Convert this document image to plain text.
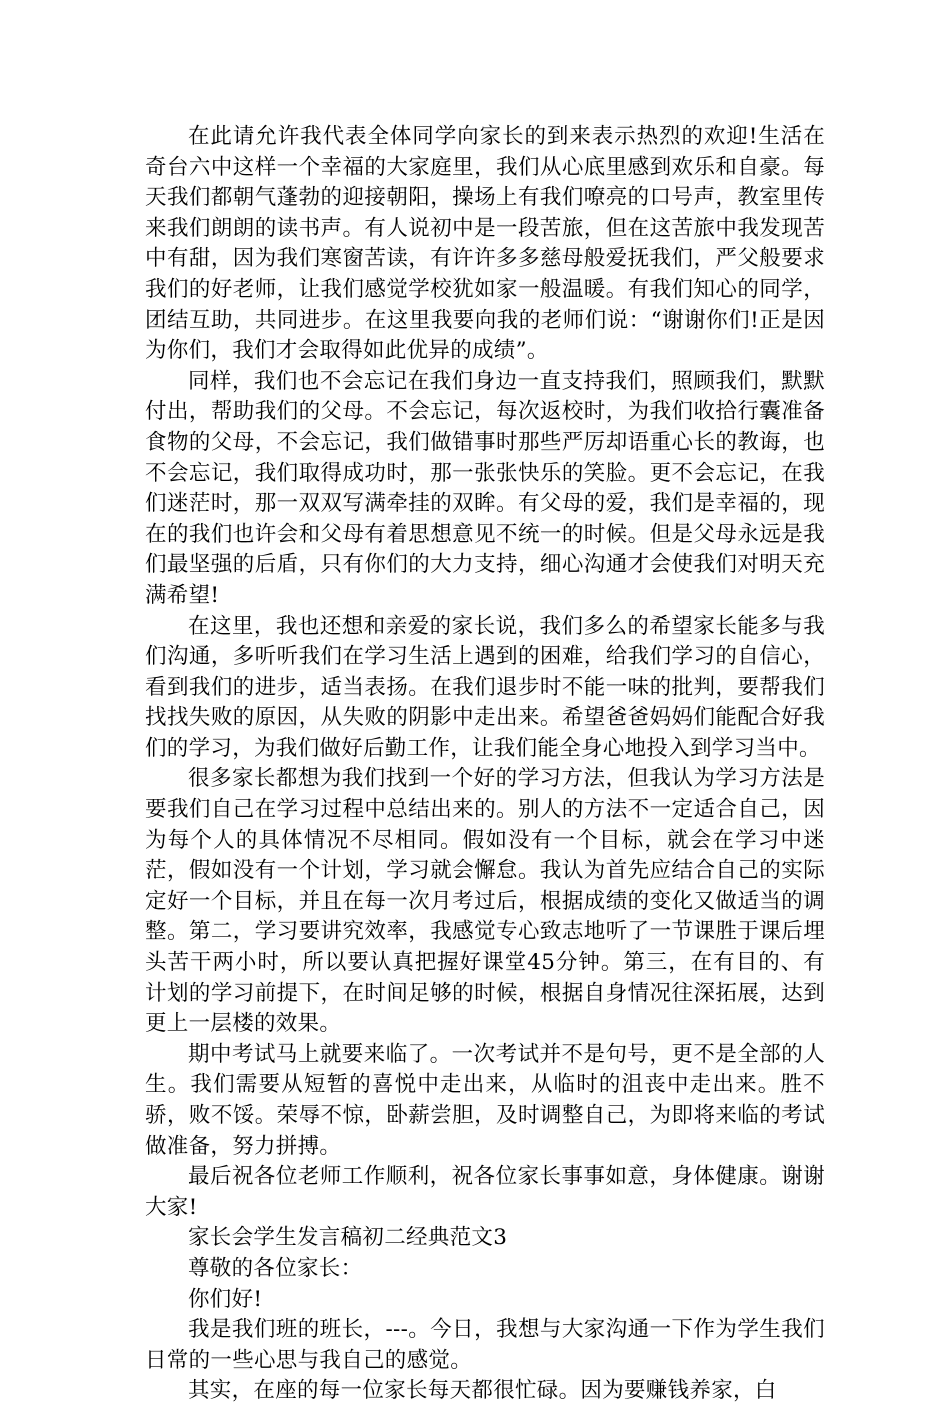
在此请允许我代表全体同学向家长的到来表示热烈的欢迎!生活在奇台六中这样一个幸福的大家庭里，我们从心底里感到欢乐和自豪。每天我们都朝气蓬勃的迎接朝阳，操场上有我们嘹亮的口号声，教室里传来我们朗朗的读书声。有人说初中是一段苦旅，但在这苦旅中我发现苦中有甜，因为我们寒窗苦读，有许许多多慈母般爱抚我们，严父般要求我们的好老师，让我们感觉学校犹如家一般温暖。有我们知心的同学，团结互助，共同进步。在这里我要向我的老师们说：“谢谢你们!正是因为你们，我们才会取得如此优异的成绩”。

同样，我们也不会忘记在我们身边一直支持我们，照顾我们，默默付出，帮助我们的父母。不会忘记，每次返校时，为我们收拾行囊准备食物的父母，不会忘记，我们做错事时那些严厉却语重心长的教诲，也不会忘记，我们取得成功时，那一张张快乐的笑脸。更不会忘记，在我们迷茫时，那一双双写满牵挂的双眸。有父母的爱，我们是幸福的，现在的我们也许会和父母有着思想意见不统一的时候。但是父母永远是我们最坚强的后盾，只有你们的大力支持，细心沟通才会使我们对明天充满希望!

在这里，我也还想和亲爱的家长说，我们多么的希望家长能多与我们沟通，多听听我们在学习生活上遇到的困难，给我们学习的自信心，看到我们的进步，适当表扬。在我们退步时不能一味的批判，要帮我们找找失败的原因，从失败的阴影中走出来。希望爸爸妈妈们能配合好我们的学习，为我们做好后勤工作，让我们能全身心地投入到学习当中。

很多家长都想为我们找到一个好的学习方法，但我认为学习方法是要我们自己在学习过程中总结出来的。别人的方法不一定适合自己，因为每个人的具体情况不尽相同。假如没有一个目标，就会在学习中迷茫，假如没有一个计划，学习就会懈怠。我认为首先应结合自己的实际定好一个目标，并且在每一次月考过后，根据成绩的变化又做适当的调整。第二，学习要讲究效率，我感觉专心致志地听了一节课胜于课后埋头苦干两小时，所以要认真把握好课堂45分钟。第三，在有目的、有计划的学习前提下，在时间足够的时候，根据自身情况往深拓展，达到更上一层楼的效果。

期中考试马上就要来临了。一次考试并不是句号，更不是全部的人生。我们需要从短暂的喜悦中走出来，从临时的沮丧中走出来。胜不骄，败不馁。荣辱不惊，卧薪尝胆，及时调整自己，为即将来临的考试做准备，努力拼搏。

最后祝各位老师工作顺利，祝各位家长事事如意，身体健康。谢谢大家!

家长会学生发言稿初二经典范文3

尊敬的各位家长：

你们好!

我是我们班的班长，---。今日，我想与大家沟通一下作为学生我们日常的一些心思与我自己的感觉。

其实，在座的每一位家长每天都很忙碌。因为要赚钱养家，白
